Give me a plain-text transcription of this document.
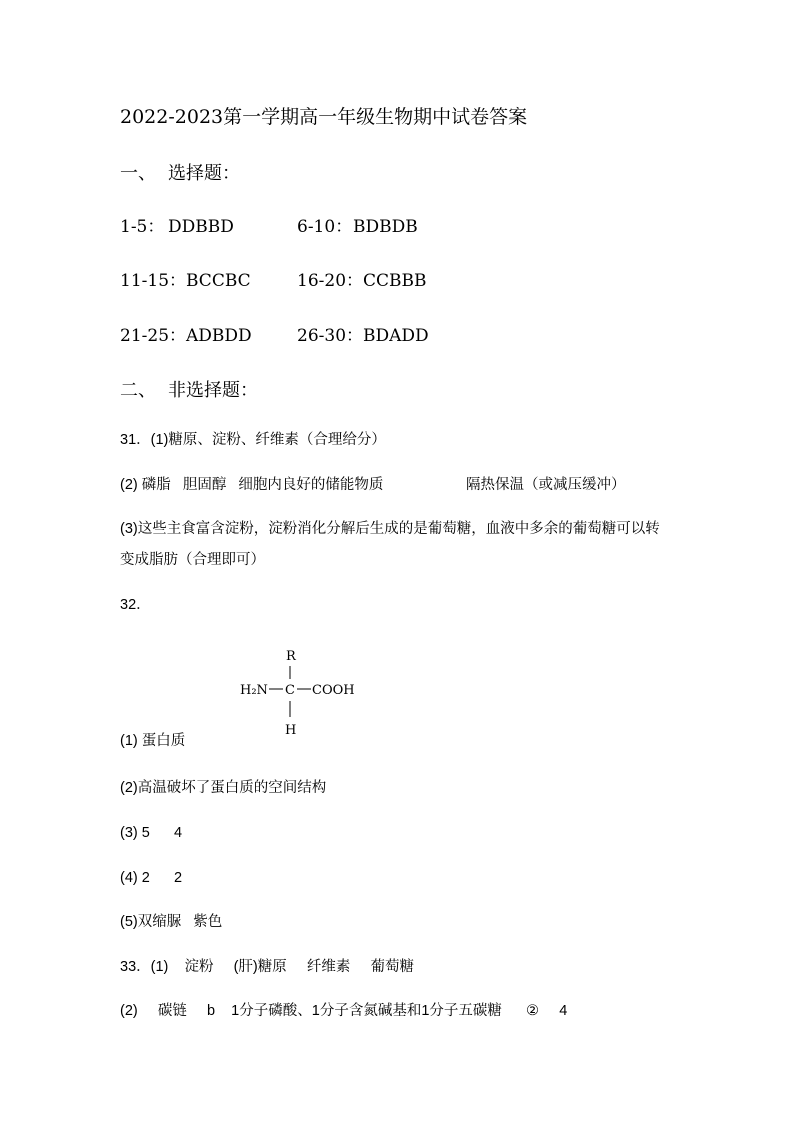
2022-2023第一学期高一年级生物期中试卷答案
一、 选择题：
1-5： DDBBD	6-10： BDBDB
11-15： BCCBC	16-20： CCBBB
21-25： ADBDD	26-30： BDADD
二、 非选择题：
31．(1)糖原、淀粉、纤维素（合理给分）
(2) 磷脂   胆固醇   细胞内良好的储能物质	隔热保温（或减压缓冲）
(3)这些主食富含淀粉，淀粉消化分解后生成的是葡萄糖，血液中多余的葡萄糖可以转
变成脂肪（合理即可）
32．
R
H₂N C COOH
H
(1) 蛋白质
(2)高温破坏了蛋白质的空间结构
(3) 5      4
(4) 2      2
(5)双缩脲   紫色
33．(1)    淀粉     (肝)糖原     纤维素     葡萄糖
(2)     碳链     b    1分子磷酸、1分子含氮碱基和1分子五碳糖      ②     4
